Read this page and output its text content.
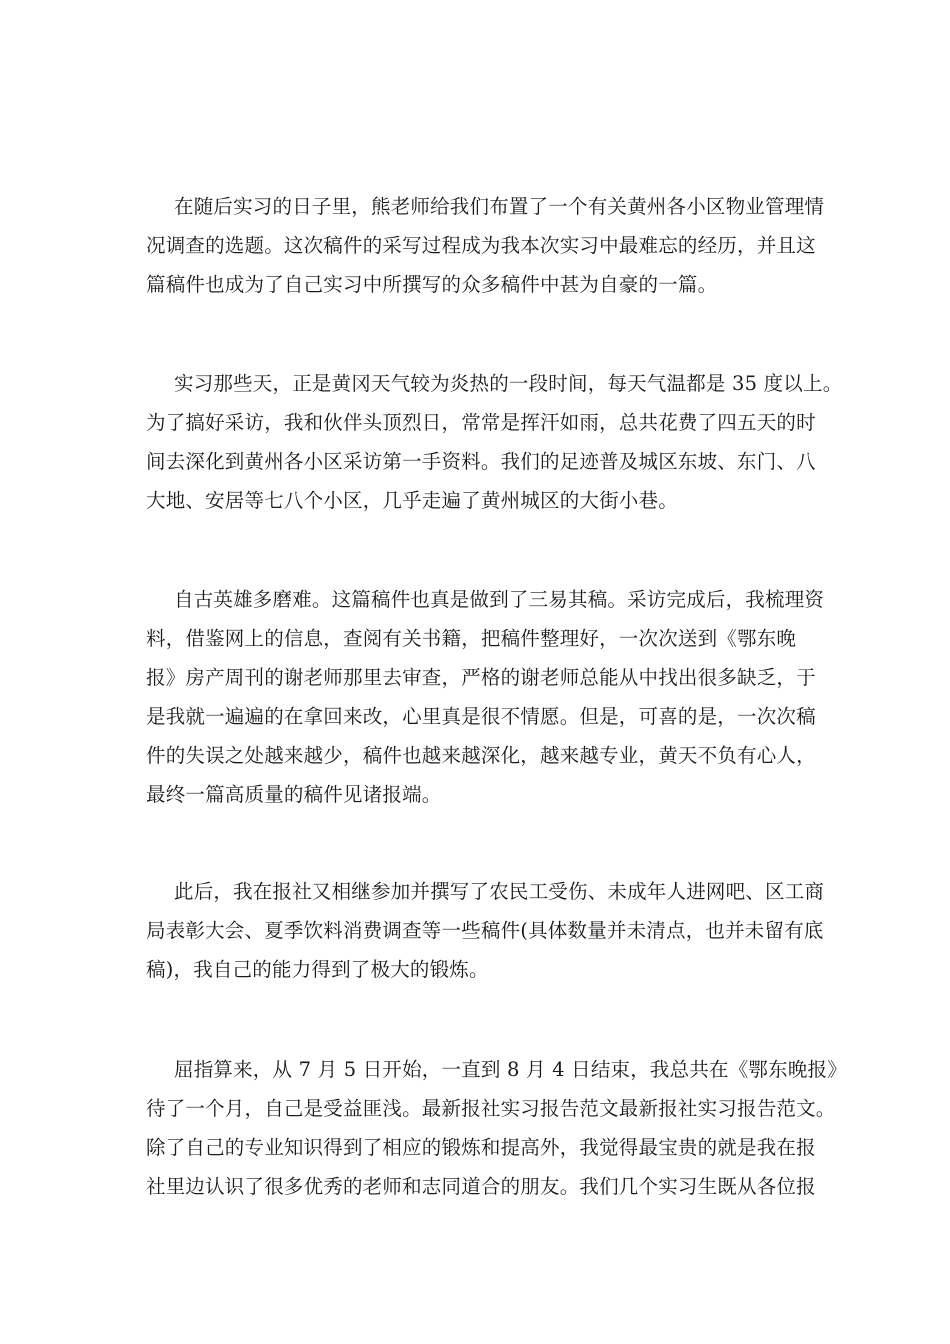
在随后实习的日子里，熊老师给我们布置了一个有关黄州各小区物业管理情
况调查的选题。这次稿件的采写过程成为我本次实习中最难忘的经历，并且这
篇稿件也成为了自己实习中所撰写的众多稿件中甚为自豪的一篇。
实习那些天，正是黄冈天气较为炎热的一段时间，每天气温都是 35 度以上。
为了搞好采访，我和伙伴头顶烈日，常常是挥汗如雨，总共花费了四五天的时
间去深化到黄州各小区采访第一手资料。我们的足迹普及城区东坡、东门、八
大地、安居等七八个小区，几乎走遍了黄州城区的大街小巷。
自古英雄多磨难。这篇稿件也真是做到了三易其稿。采访完成后，我梳理资
料，借鉴网上的信息，查阅有关书籍，把稿件整理好，一次次送到《鄂东晚
报》房产周刊的谢老师那里去审查，严格的谢老师总能从中找出很多缺乏，于
是我就一遍遍的在拿回来改，心里真是很不情愿。但是，可喜的是，一次次稿
件的失误之处越来越少，稿件也越来越深化，越来越专业，黄天不负有心人，
最终一篇高质量的稿件见诸报端。
此后，我在报社又相继参加并撰写了农民工受伤、未成年人进网吧、区工商
局表彰大会、夏季饮料消费调查等一些稿件(具体数量并未清点，也并未留有底
稿)，我自己的能力得到了极大的锻炼。
屈指算来，从 7 月 5 日开始，一直到 8 月 4 日结束，我总共在《鄂东晚报》
待了一个月，自己是受益匪浅。最新报社实习报告范文最新报社实习报告范文。
除了自己的专业知识得到了相应的锻炼和提高外，我觉得最宝贵的就是我在报
社里边认识了很多优秀的老师和志同道合的朋友。我们几个实习生既从各位报
